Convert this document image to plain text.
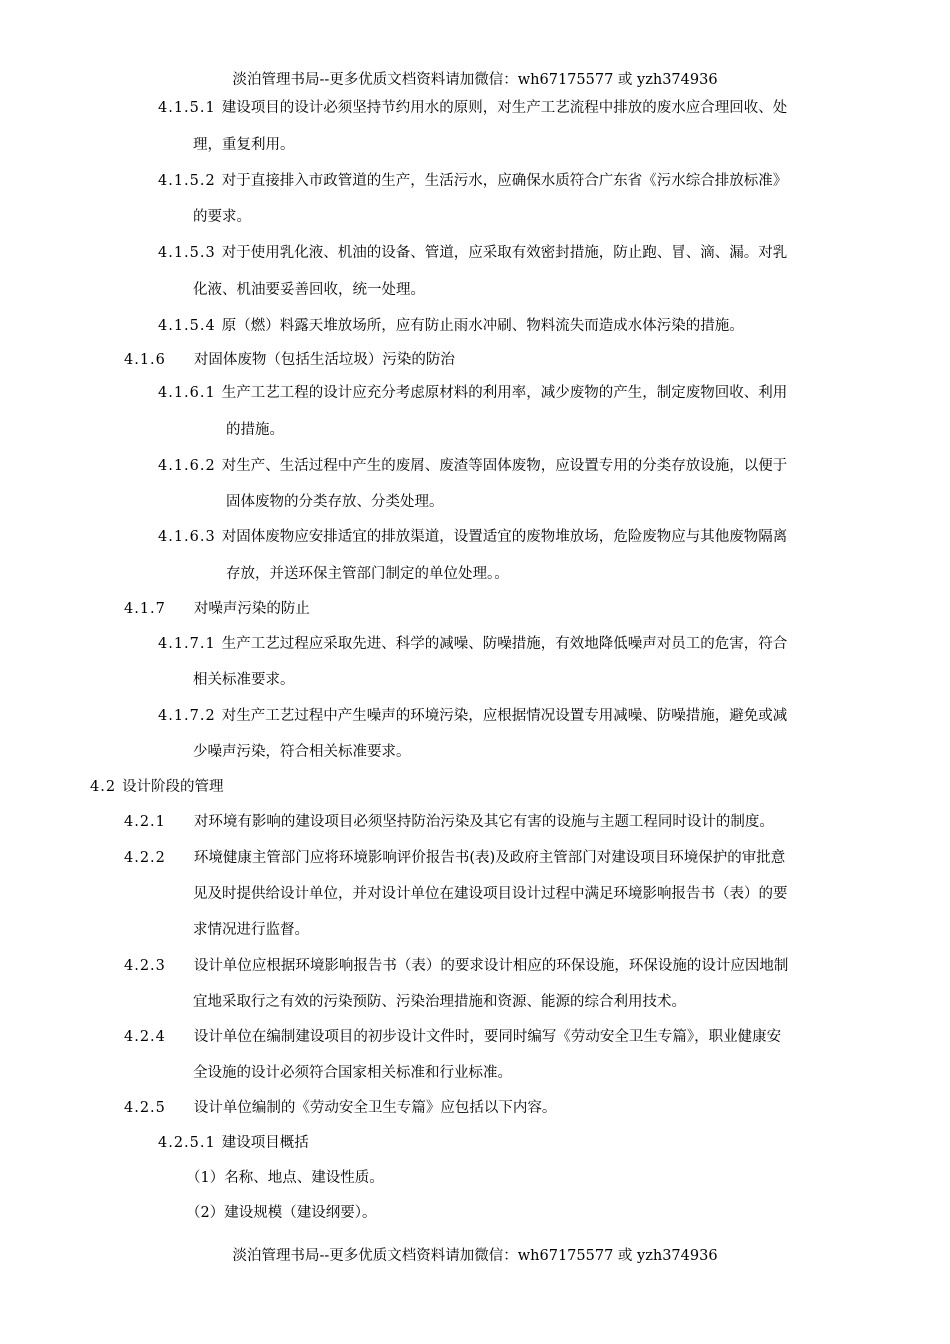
淡泊管理书局--更多优质文档资料请加微信：wh67175577 或 yzh374936
4.1.5.1 建设项目的设计必须坚持节约用水的原则，对生产工艺流程中排放的废水应合理回收、处
理，重复利用。
4.1.5.2 对于直接排入市政管道的生产，生活污水，应确保水质符合广东省《污水综合排放标准》
的要求。
4.1.5.3 对于使用乳化液、机油的设备、管道，应采取有效密封措施，防止跑、冒、滴、漏。对乳
化液、机油要妥善回收，统一处理。
4.1.5.4 原（燃）料露天堆放场所，应有防止雨水冲刷、物料流失而造成水体污染的措施。
4.1.6 对固体废物（包括生活垃圾）污染的防治
4.1.6.1 生产工艺工程的设计应充分考虑原材料的利用率，减少废物的产生，制定废物回收、利用
的措施。
4.1.6.2 对生产、生活过程中产生的废屑、废渣等固体废物，应设置专用的分类存放设施，以便于
固体废物的分类存放、分类处理。
4.1.6.3 对固体废物应安排适宜的排放渠道，设置适宜的废物堆放场，危险废物应与其他废物隔离
存放，并送环保主管部门制定的单位处理。。
4.1.7 对噪声污染的防止
4.1.7.1 生产工艺过程应采取先进、科学的减噪、防噪措施，有效地降低噪声对员工的危害，符合
相关标准要求。
4.1.7.2 对生产工艺过程中产生噪声的环境污染，应根据情况设置专用减噪、防噪措施，避免或减
少噪声污染，符合相关标准要求。
4.2 设计阶段的管理
4.2.1 对环境有影响的建设项目必须坚持防治污染及其它有害的设施与主题工程同时设计的制度。
4.2.2 环境健康主管部门应将环境影响评价报告书(表)及政府主管部门对建设项目环境保护的审批意
见及时提供给设计单位，并对设计单位在建设项目设计过程中满足环境影响报告书（表）的要
求情况进行监督。
4.2.3 设计单位应根据环境影响报告书（表）的要求设计相应的环保设施，环保设施的设计应因地制
宜地采取行之有效的污染预防、污染治理措施和资源、能源的综合利用技术。
4.2.4 设计单位在编制建设项目的初步设计文件时，要同时编写《劳动安全卫生专篇》，职业健康安
全设施的设计必须符合国家相关标准和行业标准。
4.2.5 设计单位编制的《劳动安全卫生专篇》应包括以下内容。
4.2.5.1 建设项目概括
（1）名称、地点、建设性质。
（2）建设规模（建设纲要）。
淡泊管理书局--更多优质文档资料请加微信：wh67175577 或 yzh374936
